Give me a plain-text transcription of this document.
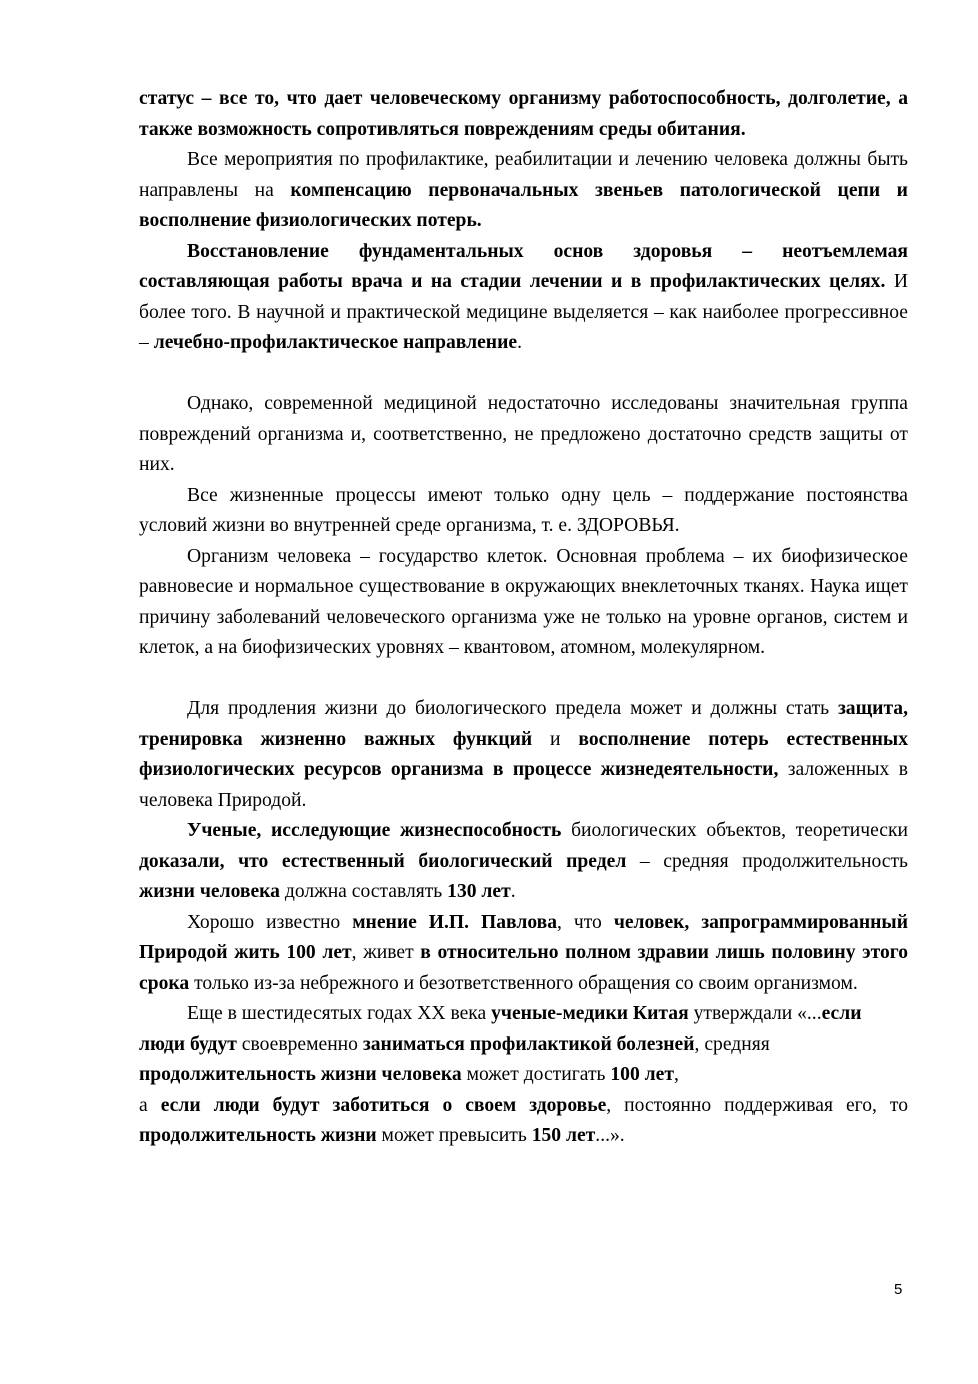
статус – все то, что дает человеческому организму работоспособность, долголетие, а также возможность сопротивляться повреждениям среды обитания.

Все мероприятия по профилактике, реабилитации и лечению человека должны быть направлены на компенсацию первоначальных звеньев патологической цепи и восполнение физиологических потерь.

Восстановление фундаментальных основ здоровья – неотъемлемая составляющая работы врача и на стадии лечении и в профилактических целях. И более того. В научной и практической медицине выделяется – как наиболее прогрессивное – лечебно-профилактическое направление.

Однако, современной медициной недостаточно исследованы значительная группа повреждений организма и, соответственно, не предложено достаточно средств защиты от них.

Все жизненные процессы имеют только одну цель – поддержание постоянства условий жизни во внутренней среде организма, т. е. ЗДОРОВЬЯ.

Организм человека – государство клеток. Основная проблема – их биофизическое равновесие и нормальное существование в окружающих внеклеточных тканях. Наука ищет причину заболеваний человеческого организма уже не только на уровне органов, систем и клеток, а на биофизических уровнях – квантовом, атомном, молекулярном.

Для продления жизни до биологического предела может и должны стать защита, тренировка жизненно важных функций и восполнение потерь естественных физиологических ресурсов организма в процессе жизнедеятельности, заложенных в человека Природой.

Ученые, исследующие жизнеспособность биологических объектов, теоретически доказали, что естественный биологический предел – средняя продолжительность жизни человека должна составлять 130 лет.

Хорошо известно мнение И.П. Павлова, что человек, запрограммированный Природой жить 100 лет, живет в относительно полном здравии лишь половину этого срока только из-за небрежного и безответственного обращения со своим организмом.

Еще в шестидесятых годах XX века ученые-медики Китая утверждали «...если люди будут своевременно заниматься профилактикой болезней, средняя продолжительность жизни человека может достигать 100 лет,

а если люди будут заботиться о своем здоровье, постоянно поддерживая его, то продолжительность жизни может превысить 150 лет...».

5
